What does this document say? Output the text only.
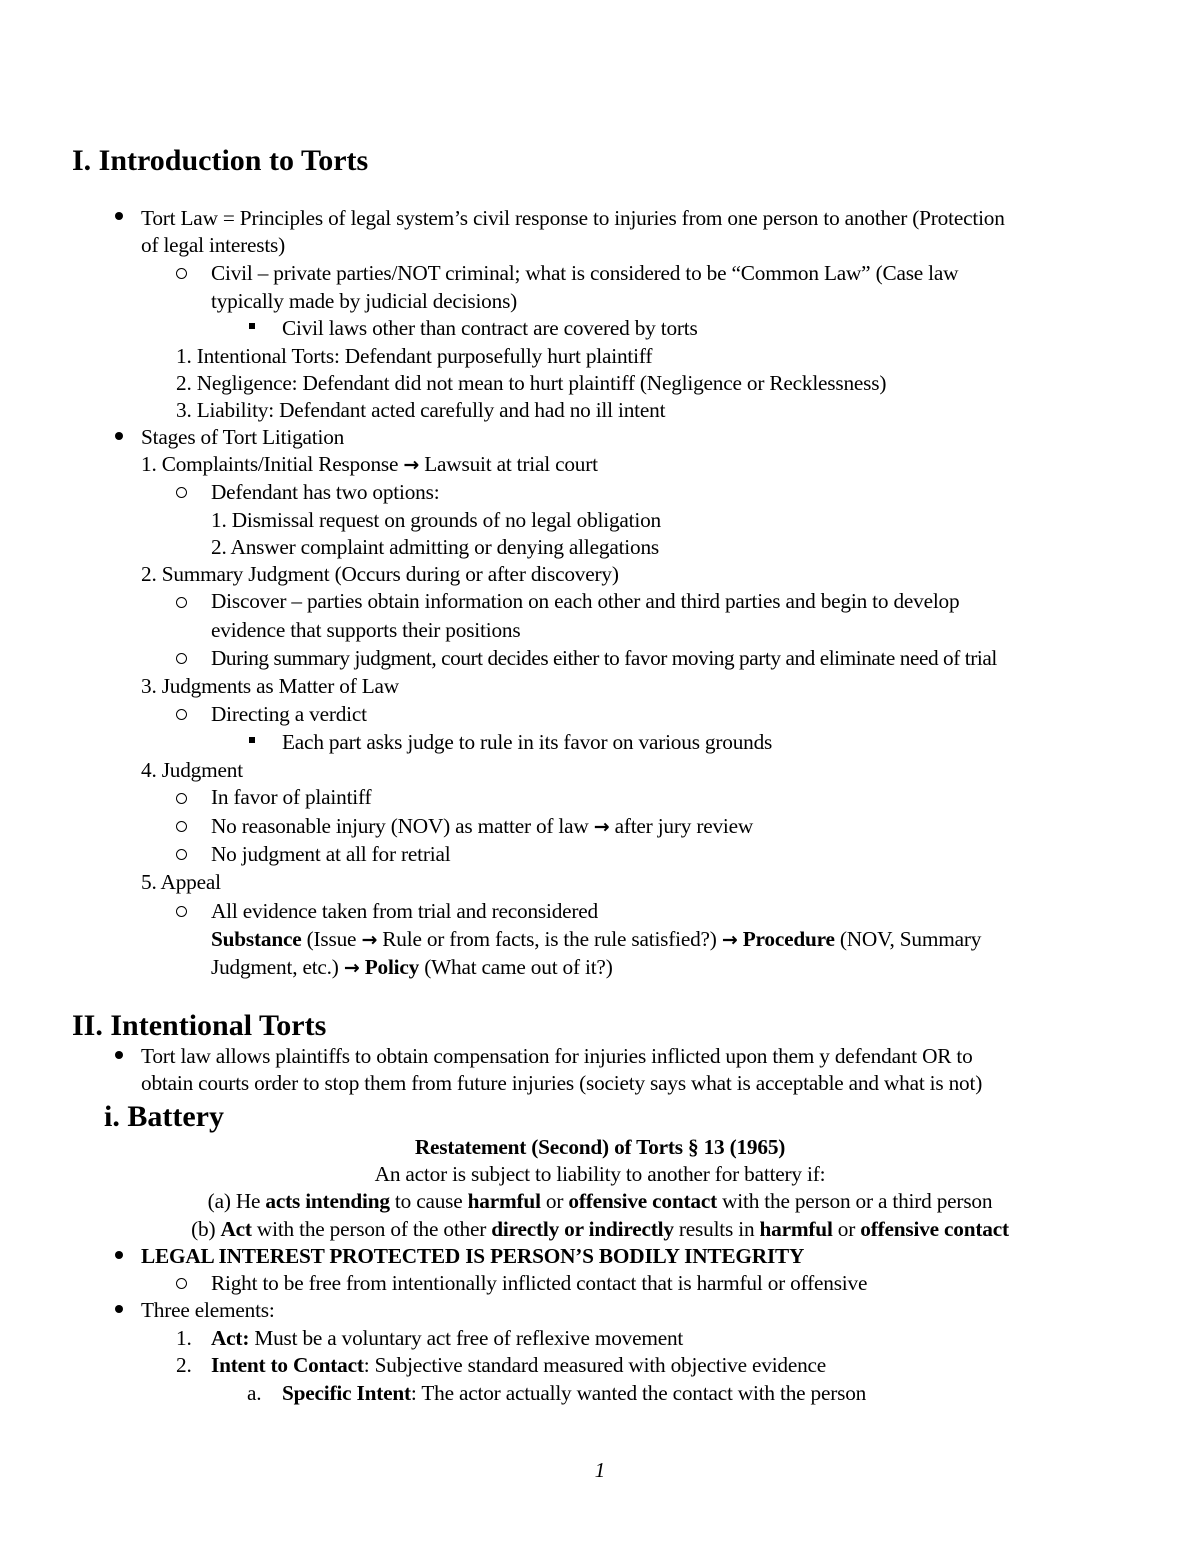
I. Introduction to Torts
Tort Law = Principles of legal system’s civil response to injuries from one person to another (Protection
of legal interests)
Civil – private parties/NOT criminal; what is considered to be “Common Law” (Case law
typically made by judicial decisions)
Civil laws other than contract are covered by torts
1. Intentional Torts: Defendant purposefully hurt plaintiff
2. Negligence: Defendant did not mean to hurt plaintiff (Negligence or Recklessness)
3. Liability: Defendant acted carefully and had no ill intent
Stages of Tort Litigation
1. Complaints/Initial Response → Lawsuit at trial court
Defendant has two options:
1. Dismissal request on grounds of no legal obligation
2. Answer complaint admitting or denying allegations
2. Summary Judgment (Occurs during or after discovery)
Discover – parties obtain information on each other and third parties and begin to develop
evidence that supports their positions
During summary judgment, court decides either to favor moving party and eliminate need of trial
3. Judgments as Matter of Law
Directing a verdict
Each part asks judge to rule in its favor on various grounds
4. Judgment
In favor of plaintiff
No reasonable injury (NOV) as matter of law → after jury review
No judgment at all for retrial
5. Appeal
All evidence taken from trial and reconsidered
Substance (Issue → Rule or from facts, is the rule satisfied?) → Procedure (NOV, Summary
Judgment, etc.) → Policy (What came out of it?)
II. Intentional Torts
Tort law allows plaintiffs to obtain compensation for injuries inflicted upon them y defendant OR to
obtain courts order to stop them from future injuries (society says what is acceptable and what is not)
i. Battery
Restatement (Second) of Torts § 13 (1965)
An actor is subject to liability to another for battery if:
(a) He acts intending to cause harmful or offensive contact with the person or a third person
(b) Act with the person of the other directly or indirectly results in harmful or offensive contact
LEGAL INTEREST PROTECTED IS PERSON’S BODILY INTEGRITY
Right to be free from intentionally inflicted contact that is harmful or offensive
Three elements:
1. Act: Must be a voluntary act free of reflexive movement
2. Intent to Contact: Subjective standard measured with objective evidence
a. Specific Intent: The actor actually wanted the contact with the person
1
